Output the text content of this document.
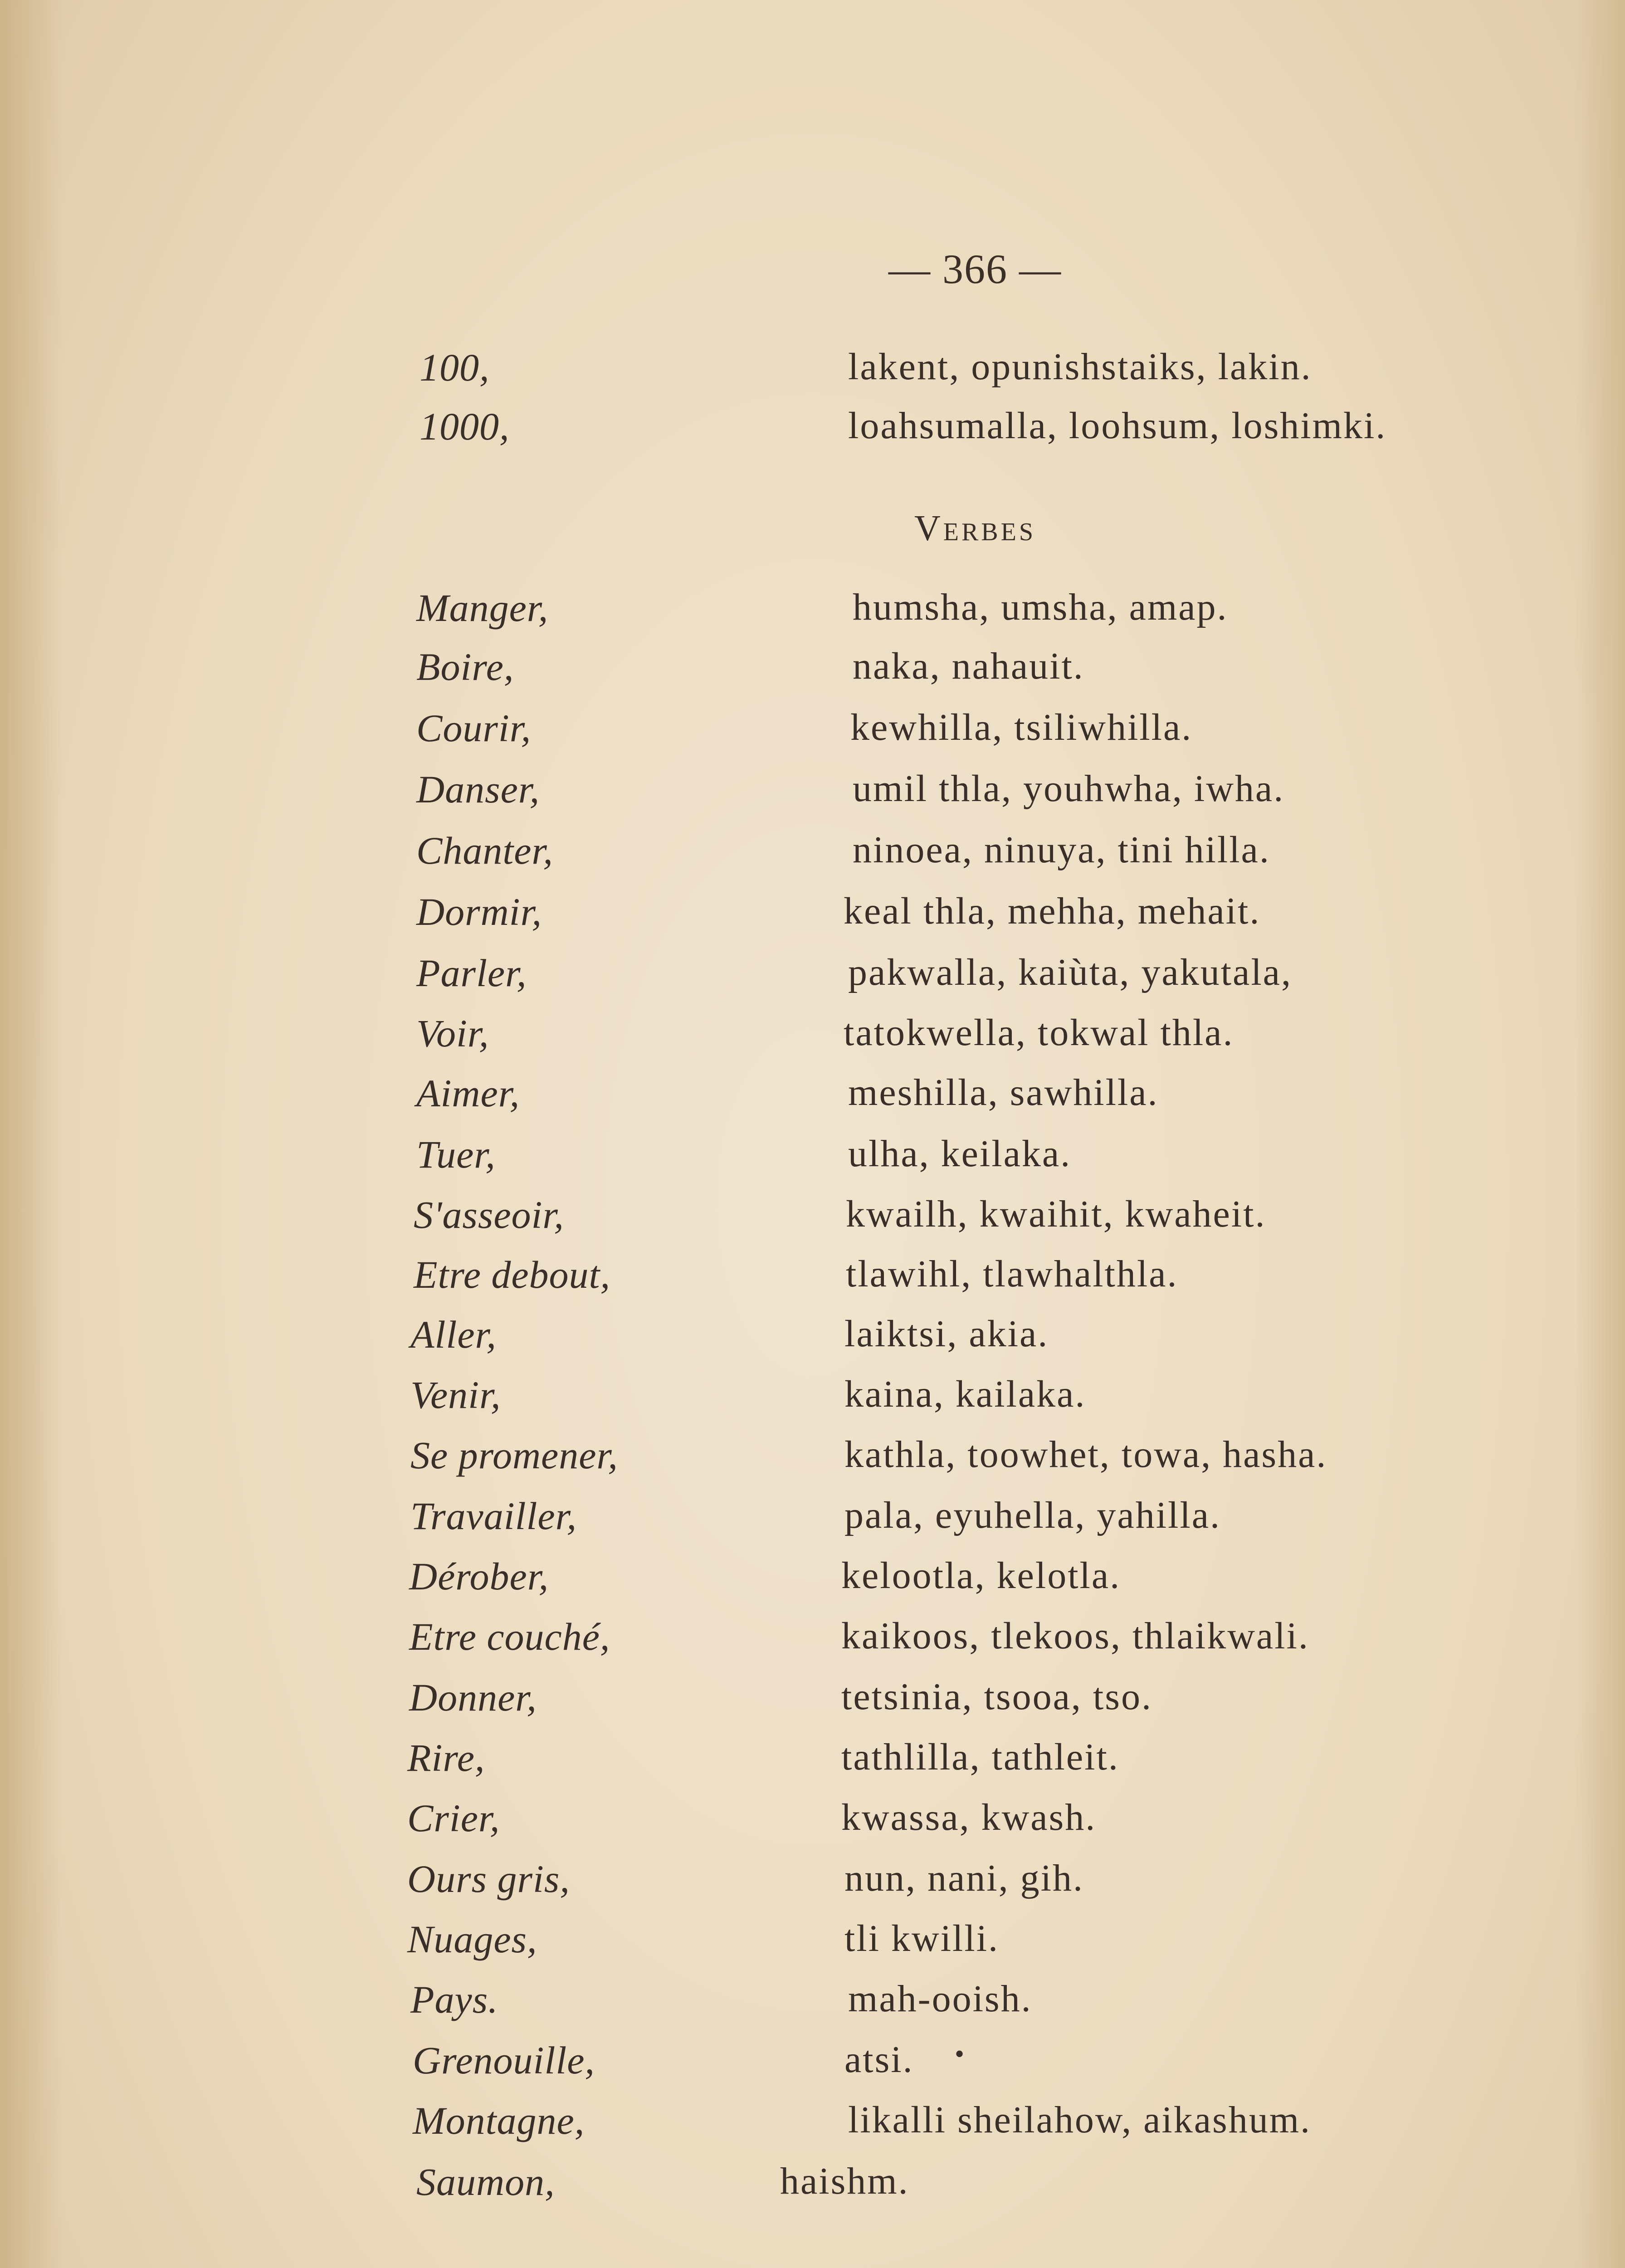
— 366 —
100,	lakent, opunishstaiks, lakin.
1000,	loahsumalla, loohsum, loshimki.
Verbes
Manger,	humsha, umsha, amap.
Boire,	naka, nahauit.
Courir,	kewhilla, tsiliwhilla.
Danser,	umil thla, youhwha, iwha.
Chanter,	ninoea, ninuya, tini hilla.
Dormir,	keal thla, mehha, mehait.
Parler,	pakwalla, kaiùta, yakutala,
Voir,	tatokwella, tokwal thla.
Aimer,	meshilla, sawhilla.
Tuer,	ulha, keilaka.
S'asseoir,	kwailh, kwaihit, kwaheit.
Etre debout,	tlawihl, tlawhalthla.
Aller,	laiktsi, akia.
Venir,	kaina, kailaka.
Se promener,	kathla, toowhet, towa, hasha.
Travailler,	pala, eyuhella, yahilla.
Dérober,	kelootla, kelotla.
Etre couché,	kaikoos, tlekoos, thlaikwali.
Donner,	tetsinia, tsooa, tso.
Rire,	tathlilla, tathleit.
Crier,	kwassa, kwash.
Ours gris,	nun, nani, gih.
Nuages,	tli kwilli.
Pays.	mah-ooish.
Grenouille,	atsi. •
Montagne,	likalli sheilahow, aikashum.
Saumon,	haishm.
